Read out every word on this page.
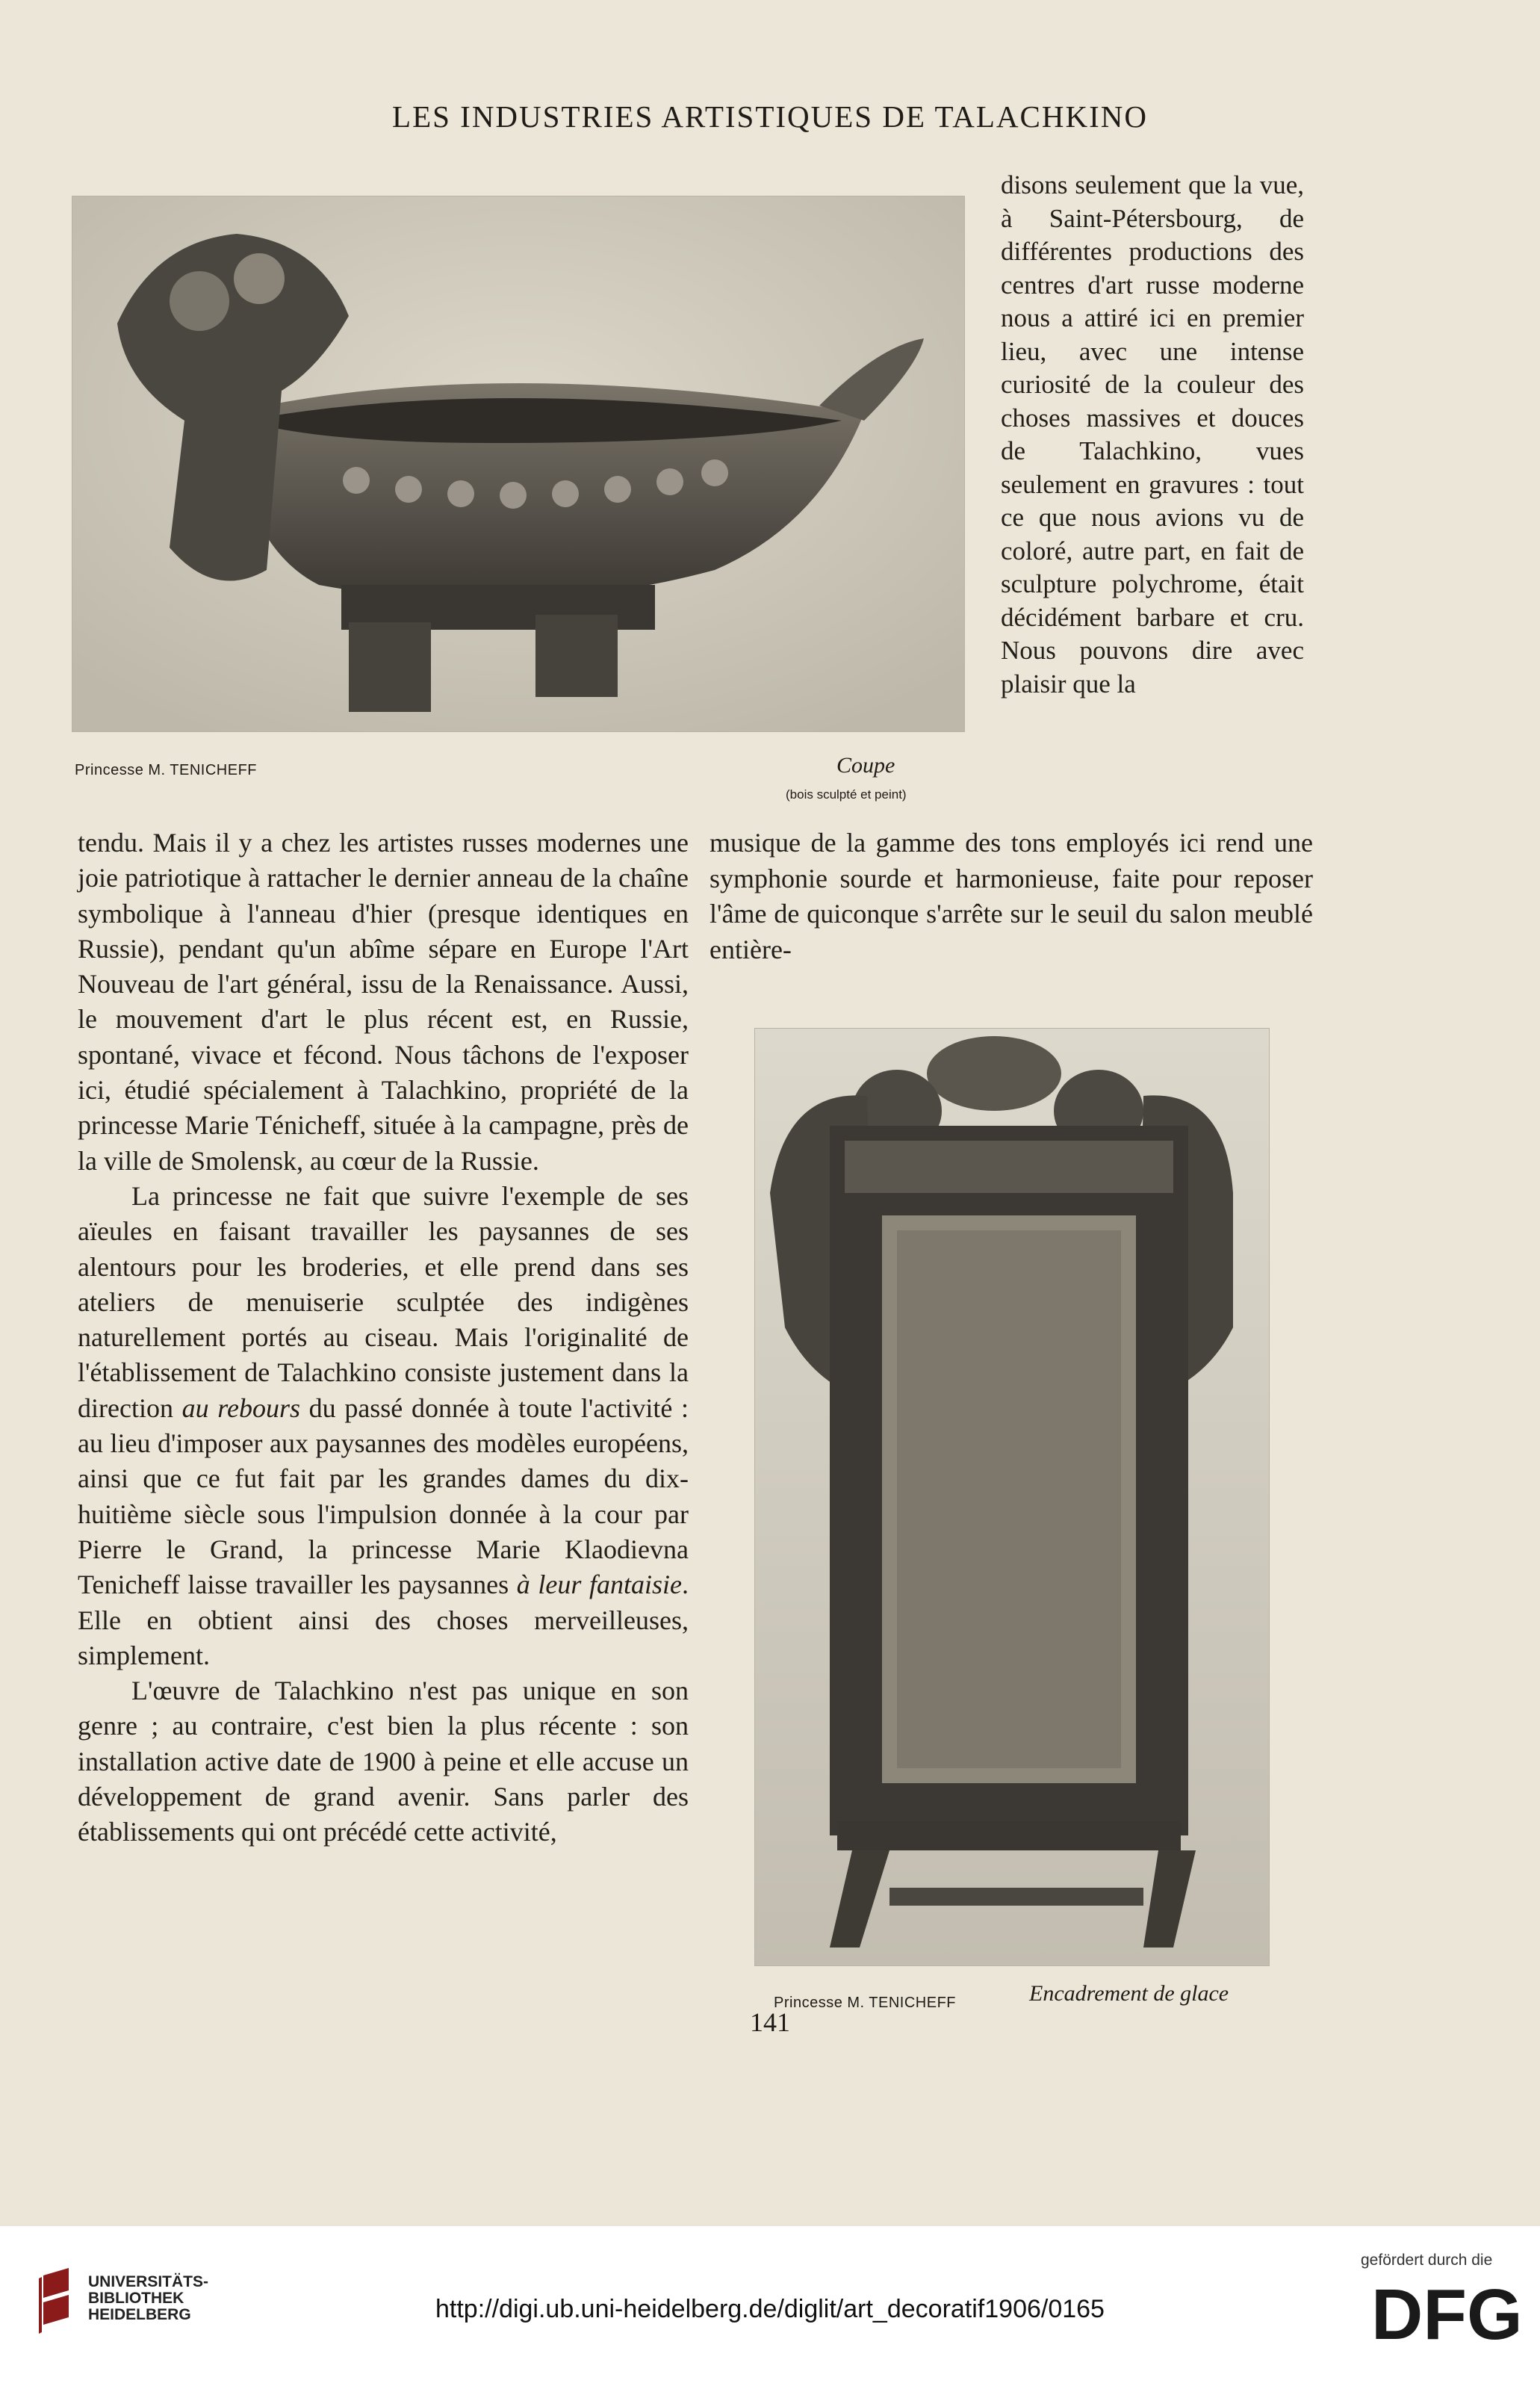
LES INDUSTRIES ARTISTIQUES DE TALACHKINO
Princesse M. TENICHEFF	Coupe
(bois sculpté et peint)

disons seulement que la vue, à Saint-Pétersbourg, de différentes productions des centres d'art russe moderne nous a attiré ici en premier lieu, avec une intense curiosité de la couleur des choses massives et douces de Talachkino, vues seulement en gravures : tout ce que nous avions vu de coloré, autre part, en fait de sculpture polychrome, était décidément barbare et cru. Nous pouvons dire avec plaisir que la

tendu. Mais il y a chez les artistes russes modernes une joie patriotique à rattacher le dernier anneau de la chaîne symbolique à l'anneau d'hier (presque identiques en Russie), pendant qu'un abîme sépare en Europe l'Art Nouveau de l'art général, issu de la Renaissance. Aussi, le mouvement d'art le plus récent est, en Russie, spontané, vivace et fécond. Nous tâchons de l'exposer ici, étudié spécialement à Talachkino, propriété de la princesse Marie Ténicheff, située à la campagne, près de la ville de Smolensk, au cœur de la Russie.

La princesse ne fait que suivre l'exemple de ses aïeules en faisant travailler les paysannes de ses alentours pour les broderies, et elle prend dans ses ateliers de menuiserie sculptée des indigènes naturellement portés au ciseau. Mais l'originalité de l'établissement de Talachkino consiste justement dans la direction au rebours du passé donnée à toute l'activité : au lieu d'imposer aux paysannes des modèles européens, ainsi que ce fut fait par les grandes dames du dix-huitième siècle sous l'impulsion donnée à la cour par Pierre le Grand, la princesse Marie Klaodievna Tenicheff laisse travailler les paysannes à leur fantaisie. Elle en obtient ainsi des choses merveilleuses, simplement.

L'œuvre de Talachkino n'est pas unique en son genre ; au contraire, c'est bien la plus récente : son installation active date de 1900 à peine et elle accuse un développement de grand avenir. Sans parler des établissements qui ont précédé cette activité,

musique de la gamme des tons employés ici rend une symphonie sourde et harmonieuse, faite pour reposer l'âme de quiconque s'arrête sur le seuil du salon meublé entière-

Princesse M. TENICHEFF	Encadrement de glace
141
UNIVERSITÄTS-
BIBLIOTHEK
HEIDELBERG	http://digi.ub.uni-heidelberg.de/diglit/art_decoratif1906/0165
gefördert durch die
DFG
